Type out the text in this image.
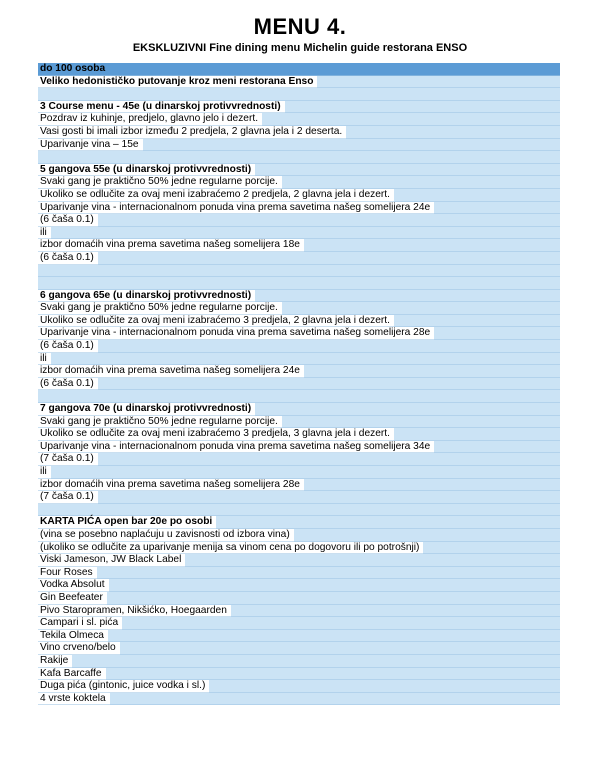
MENU 4.
EKSKLUZIVNI Fine dining menu Michelin guide restorana ENSO
do 100 osoba
Veliko hedonističko putovanje kroz meni restorana Enso
3 Course menu - 45e (u dinarskoj protivvrednosti)
Pozdrav iz kuhinje, predjelo, glavno jelo i dezert.
Vasi gosti bi imali izbor između 2 predjela, 2 glavna jela i 2 deserta.
Uparivanje vina – 15e
5 gangova 55e (u dinarskoj protivvrednosti)
Svaki gang je praktično 50% jedne regularne porcije.
Ukoliko se odlučite za ovaj meni izabraćemo 2 predjela, 2 glavna jela i dezert.
Uparivanje vina - internacionalnom ponuda vina prema savetima našeg somelijera 24e
(6 čaša 0.1)
ili
izbor domaćih vina prema savetima našeg somelijera 18e
(6 čaša 0.1)
6 gangova 65e (u dinarskoj protivvrednosti)
Svaki gang je praktično 50% jedne regularne porcije.
Ukoliko se odlučite za ovaj meni izabraćemo 3 predjela, 2 glavna jela i dezert.
Uparivanje vina - internacionalnom ponuda vina prema savetima našeg somelijera 28e
(6 čaša 0.1)
ili
izbor domaćih vina prema savetima našeg somelijera 24e
(6 čaša 0.1)
7 gangova 70e (u dinarskoj protivvrednosti)
Svaki gang je praktično 50% jedne regularne porcije.
Ukoliko se odlučite za ovaj meni izabraćemo 3 predjela, 3 glavna jela i dezert.
Uparivanje vina - internacionalnom ponuda vina prema savetima našeg somelijera 34e
(7 čaša 0.1)
ili
izbor domaćih vina prema savetima našeg somelijera 28e
(7 čaša 0.1)
KARTA PIĆA open bar 20e po osobi
(vina se posebno naplaćuju u zavisnosti od izbora vina)
(ukoliko se odlučite za uparivanje menija sa vinom cena po dogovoru ili po potrošnji)
Viski Jameson, JW Black Label
Four Roses
Vodka Absolut
Gin Beefeater
Pivo Staropramen, Nikšićko, Hoegaarden
Campari i sl. pića
Tekila Olmeca
Vino crveno/belo
Rakije
Kafa Barcaffe
Duga pića (gintonic, juice vodka i sl.)
4 vrste koktela
